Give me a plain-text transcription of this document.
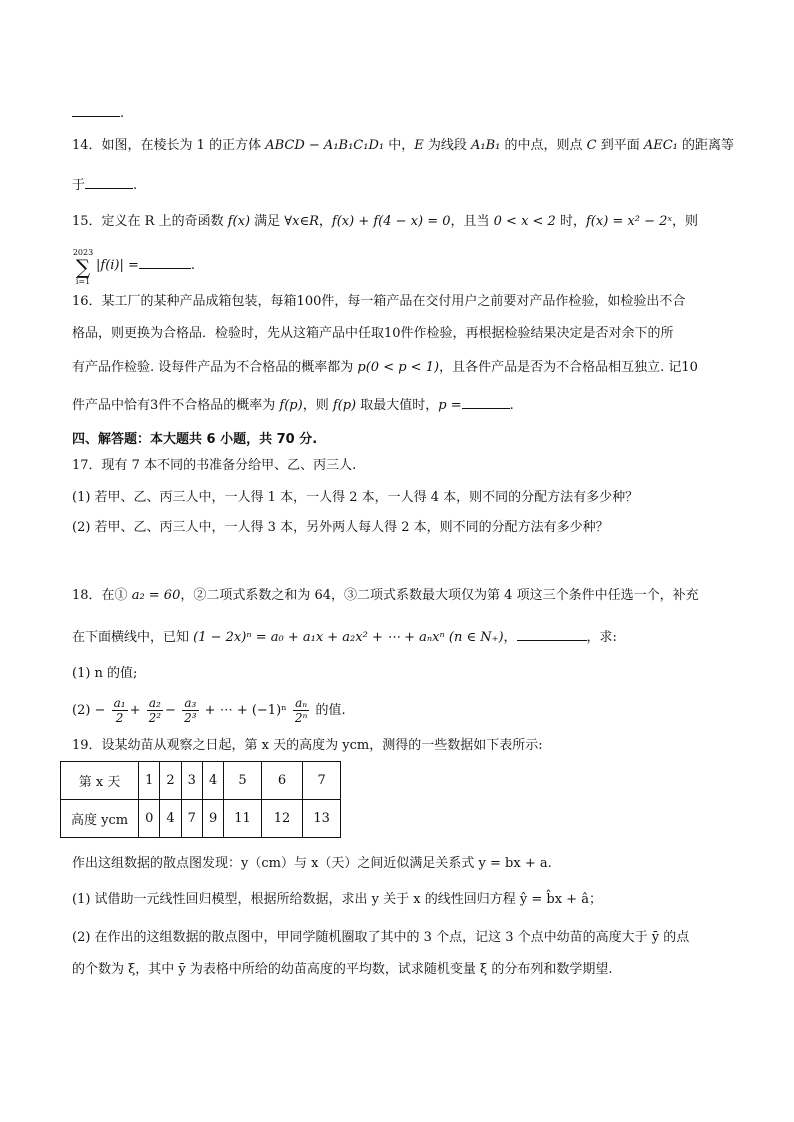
.
14．如图，在棱长为 1 的正方体 ABCD − A₁B₁C₁D₁ 中，E 为线段 A₁B₁ 的中点，则点 C 到平面 AEC₁ 的距离等
于	.
15．定义在 R 上的奇函数 f(x) 满足 ∀x∈R，f(x) + f(4 − x) = 0，且当 0 < x < 2 时，f(x) = x² − 2ˣ，则
2023
∑
i=1
|f(i)| =	.
16．某工厂的某种产品成箱包装，每箱100件，每一箱产品在交付用户之前要对产品作检验，如检验出不合
格品，则更换为合格品．检验时，先从这箱产品中任取10件作检验，再根据检验结果决定是否对余下的所
有产品作检验. 设每件产品为不合格品的概率都为 p(0 < p < 1)，且各件产品是否为不合格品相互独立. 记10
件产品中恰有3件不合格品的概率为 f(p)，则 f(p) 取最大值时，p =	.
四、解答题：本大题共 6 小题，共 70 分.
17．现有 7 本不同的书准备分给甲、乙、丙三人.
(1) 若甲、乙、丙三人中，一人得 1 本，一人得 2 本，一人得 4 本，则不同的分配方法有多少种？
(2) 若甲、乙、丙三人中，一人得 3 本，另外两人每人得 2 本，则不同的分配方法有多少种？
18．在① a₂ = 60，②二项式系数之和为 64，③二项式系数最大项仅为第 4 项这三个条件中任选一个，补充
在下面横线中，已知 (1 − 2x)ⁿ = a₀ + a₁x + a₂x² + ⋯ + aₙxⁿ (n ∈ N₊)，	，求:
(1) n 的值;
$(2) - \frac{\text{a₁}}{2} + \frac{\text{a₂}}{\text{2²}} - \frac{\text{a₃}}{\text{2³}}$ + ⋯ + $(-1)^n \frac{\text{aₙ}}{\text{2ⁿ}}$ 的值.
19．设某幼苗从观察之日起，第 x 天的高度为 ycm，测得的一些数据如下表所示:
第 x 天	1	2	3	4	5	6	7
高度 ycm	0	4	7	9	11	12	13
作出这组数据的散点图发现：y（cm）与 x（天）之间近似满足关系式 y = bx + a.
(1) 试借助一元线性回归模型，根据所给数据，求出 y 关于 x 的线性回归方程 ŷ = b̂x + â；
(2) 在作出的这组数据的散点图中，甲同学随机圈取了其中的 3 个点，记这 3 个点中幼苗的高度大于 ȳ 的点
的个数为 ξ，其中 ȳ 为表格中所给的幼苗高度的平均数，试求随机变量 ξ 的分布列和数学期望.
